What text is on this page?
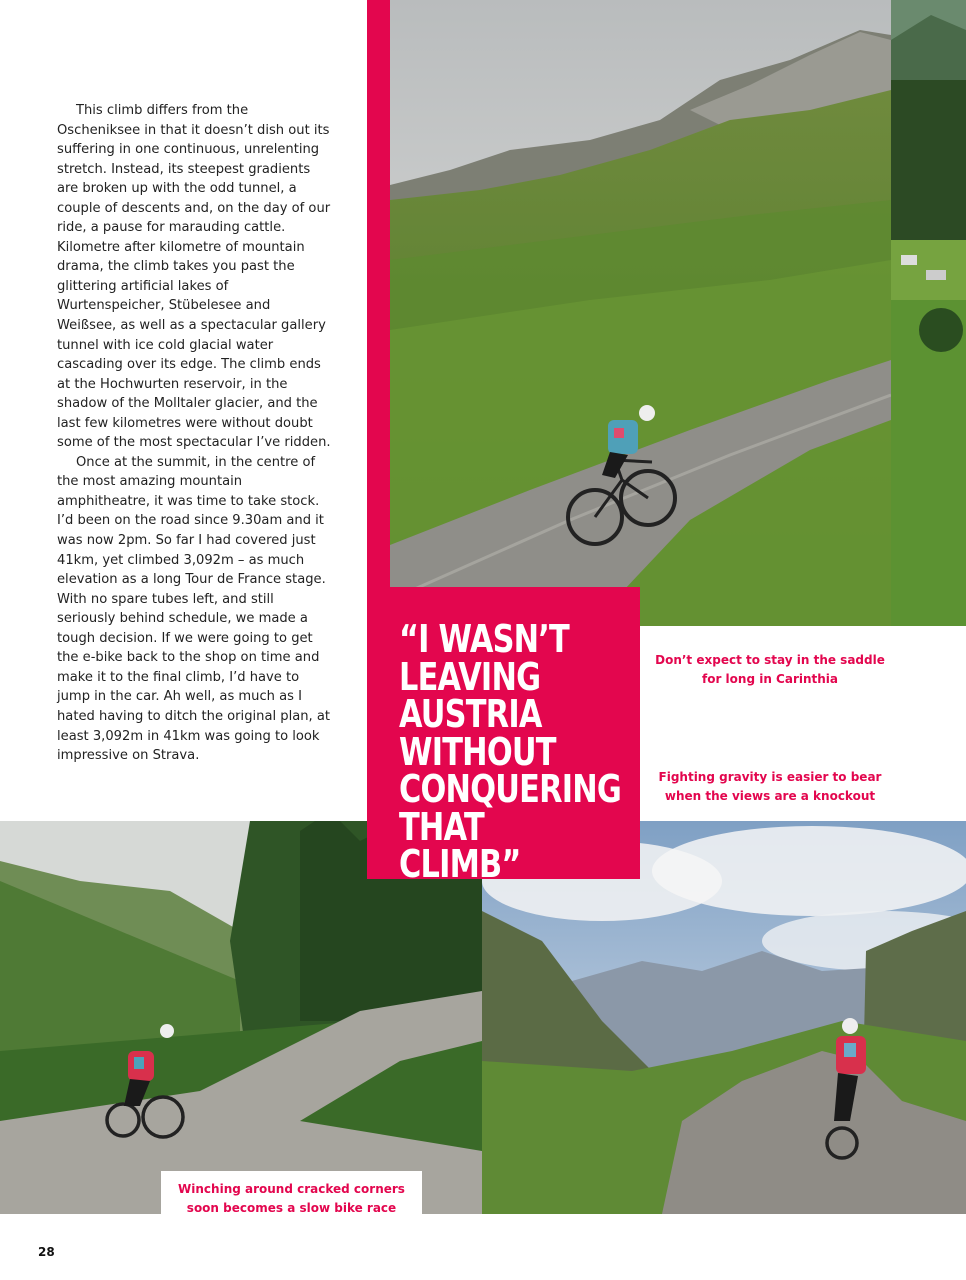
This climb differs from the Oscheniksee in that it doesn’t dish out its suffering in one continuous, unrelenting stretch. Instead, its steepest gradients are broken up with the odd tunnel, a couple of descents and, on the day of our ride, a pause for marauding cattle. Kilometre after kilometre of mountain drama, the climb takes you past the glittering artificial lakes of Wurtenspeicher, Stübelesee and Weißsee, as well as a spectacular gallery tunnel with ice cold glacial water cascading over its edge. The climb ends at the Hochwurten reservoir, in the shadow of the Molltaler glacier, and the last few kilometres were without doubt some of the most spectacular I’ve ridden.

Once at the summit, in the centre of the most amazing mountain amphitheatre, it was time to take stock. I’d been on the road since 9.30am and it was now 2pm. So far I had covered just 41km, yet climbed 3,092m – as much elevation as a long Tour de France stage. With no spare tubes left, and still seriously behind schedule, we made a tough decision. If we were going to get the e-bike back to the shop on time and make it to the final climb, I’d have to jump in the car. Ah well, as much as I hated having to ditch the original plan, at least 3,092m in 41km was going to look impressive on Strava.

“I WASN’T
LEAVING
AUSTRIA
WITHOUT
CONQUERING
THAT CLIMB”
Don’t expect to stay in the saddle for long in Carinthia
Fighting gravity is easier to bear when the views are a knockout
Winching around cracked corners soon becomes a slow bike race
28
